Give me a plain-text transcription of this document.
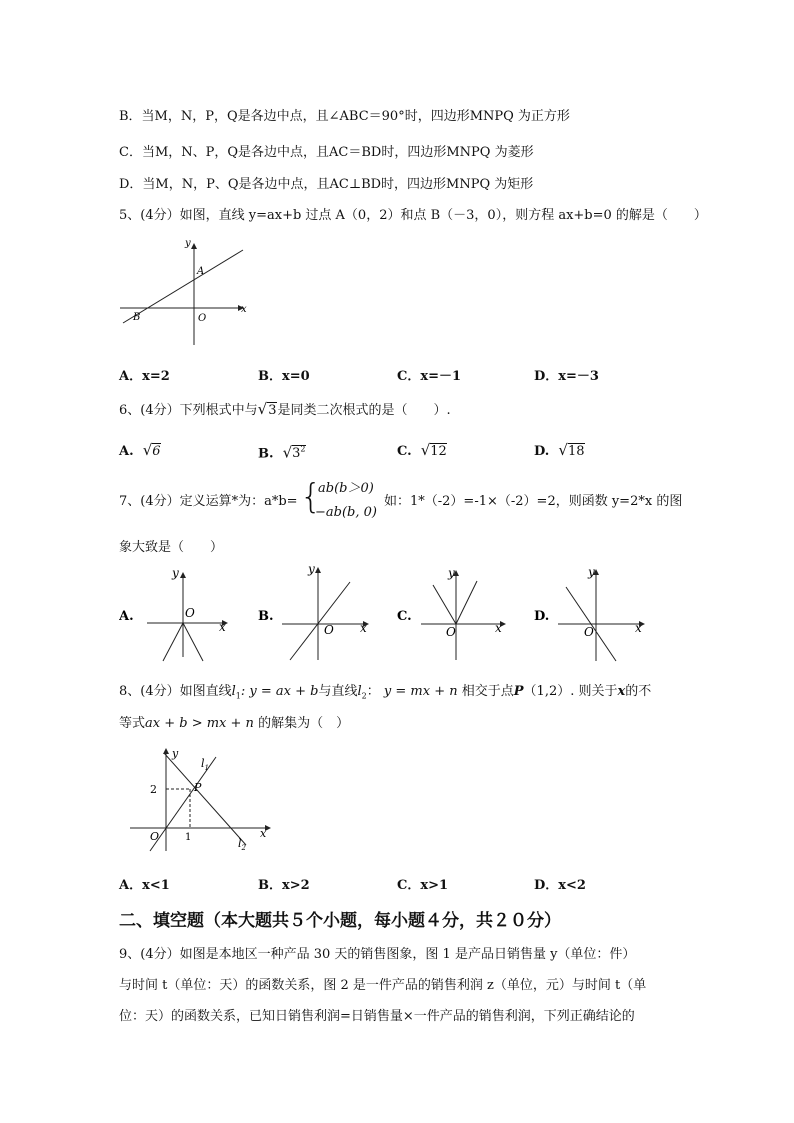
B．当M，N，P，Q是各边中点，且∠ABC＝90°时，四边形MNPQ 为正方形
C．当M，N、P，Q是各边中点，且AC＝BD时，四边形MNPQ 为菱形
D．当M，N，P、Q是各边中点，且AC⊥BD时，四边形MNPQ 为矩形
5、(4分）如图，直线 y=ax+b 过点 A（0，2）和点 B（－3，0），则方程 ax+b=0 的解是（　　）
y
x
A
B	O
A．x=2	B．x=0	C．x=－1	D．x=－3
6、(4分）下列根式中与√3是同类二次根式的是（　　）.
A. √6	B. $√3^2$	C. √12	D. √18
7、(4分）定义运算*为：a*b= {
ab(b＞0)
−ab(b, 0)
如：1*（-2）=-1×（-2）=2，则函数 y=2*x 的图
象大致是（　　）
A.
y
O
x
B.
y
O x
C.
y
O	x
D.
y
O	x
8、(4分）如图直线$l_1$: y = ax + b与直线$l_2$： y = mx + n 相交于点P（1,2）. 则关于x的不
等式ax + b > mx + n 的解集为（　）
y
x
O
2
1
P
$l_1$
$l_2$
A．x<1	B．x>2	C．x>1	D．x<2
二、填空题（本大题共５个小题，每小题４分，共２０分）
9、(4分）如图是本地区一种产品 30 天的销售图象，图 1 是产品日销售量 y（单位：件）
与时间 t（单位：天）的函数关系，图 2 是一件产品的销售利润 z（单位，元）与时间 t（单
位：天）的函数关系，已知日销售利润=日销售量×一件产品的销售利润，下列正确结论的
